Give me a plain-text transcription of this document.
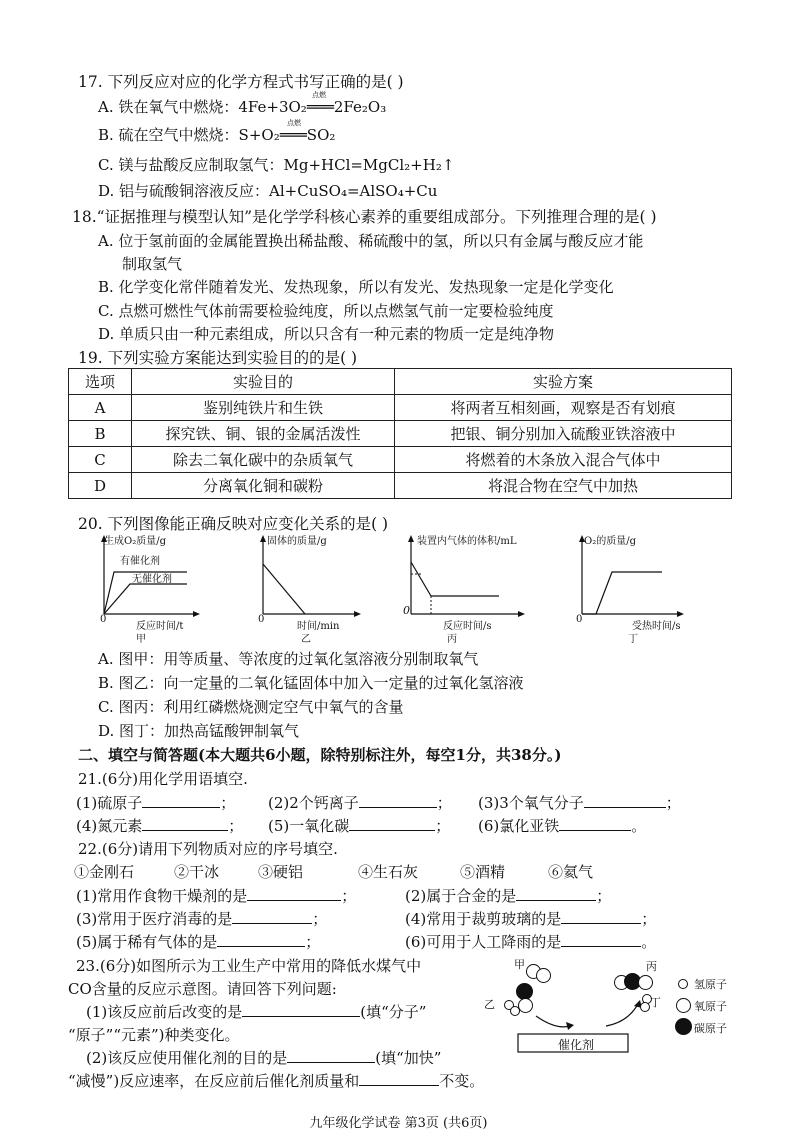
17. 下列反应对应的化学方程式书写正确的是( )
A. 铁在氧气中燃烧：4Fe+3O₂═══2Fe₂O₃
点燃
B. 硫在空气中燃烧：S+O₂═══SO₂
点燃
C. 镁与盐酸反应制取氢气：Mg+HCl=MgCl₂+H₂↑
D. 铝与硫酸铜溶液反应：Al+CuSO₄=AlSO₄+Cu
18.“证据推理与模型认知”是化学学科核心素养的重要组成部分。下列推理合理的是( )
A. 位于氢前面的金属能置换出稀盐酸、稀硫酸中的氢，所以只有金属与酸反应才能
制取氢气
B. 化学变化常伴随着发光、发热现象，所以有发光、发热现象一定是化学变化
C. 点燃可燃性气体前需要检验纯度，所以点燃氢气前一定要检验纯度
D. 单质只由一种元素组成，所以只含有一种元素的物质一定是纯净物
19. 下列实验方案能达到实验目的的是( )
选项	实验目的	实验方案
A	鉴别纯铁片和生铁	将两者互相刻画，观察是否有划痕
B	探究铁、铜、银的金属活泼性	把银、铜分别加入硫酸亚铁溶液中
C	除去二氧化碳中的杂质氧气	将燃着的木条放入混合气体中
D	分离氧化铜和碳粉	将混合物在空气中加热
20. 下列图像能正确反映对应变化关系的是( )
生成O₂质量/g
有催化剂
无催化剂
0
反应时间/t
甲
固体的质量/g
0
时间/min
乙
装置内气体的体积/mL
0
反应时间/s
丙
O₂的质量/g
0
受热时间/s
丁
A. 图甲：用等质量、等浓度的过氧化氢溶液分别制取氧气
B. 图乙：向一定量的二氧化锰固体中加入一定量的过氧化氢溶液
C. 图丙：利用红磷燃烧测定空气中氧气的含量
D. 图丁：加热高锰酸钾制氧气
二、填空与简答题(本大题共6小题，除特别标注外，每空1分，共38分。)
21.(6分)用化学用语填空.
(1)硫原子	； (2)2个钙离子	； (3)3个氧气分子	；
(4)氮元素	； (5)一氧化碳	； (6)氯化亚铁	。
22.(6分)请用下列物质对应的序号填空.
①金刚石	②干冰	③硬铝	④生石灰	⑤酒精	⑥氦气
(1)常用作食物干燥剂的是	；	(2)属于合金的是	；
(3)常用于医疗消毒的是	；	(4)常用于裁剪玻璃的是	；
(5)属于稀有气体的是	；	(6)可用于人工降雨的是	。
23.(6分)如图所示为工业生产中常用的降低水煤气中
CO含量的反应示意图。请回答下列问题:
(1)该反应前后改变的是	(填“分子”
“原子”“元素”)种类变化。
(2)该反应使用催化剂的目的是	(填“加快”
“减慢”)反应速率，在反应前后催化剂质量和	不变。
甲
乙
催化剂
丙
丁
氢原子
氧原子
碳原子
九年级化学试卷 第3页 (共6页)
